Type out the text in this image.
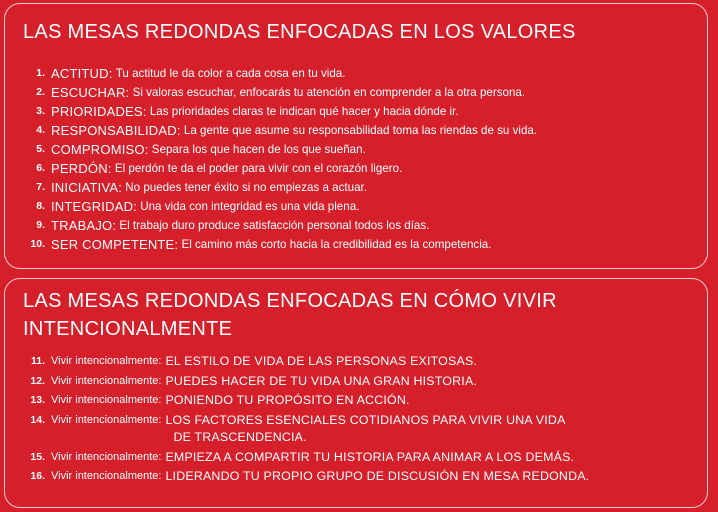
LAS MESAS REDONDAS ENFOCADAS EN LOS VALORES
1. ACTITUD:
Tu actitud le da color a cada cosa en tu vida.
2. ESCUCHAR:
Si valoras escuchar, enfocarás tu atención en comprender a la otra persona.
3. PRIORIDADES:
Las prioridades claras te indican qué hacer y hacia dónde ir.
4. RESPONSABILIDAD:
La gente que asume su responsabilidad toma las riendas de su vida.
5. COMPROMISO:
Separa los que hacen de los que sueñan.
6. PERDÓN:
El perdón te da el poder para vivir con el corazón ligero.
7. INICIATIVA:
No puedes tener éxito si no empiezas a actuar.
8. INTEGRIDAD:
Una vida con integridad es una vida plena.
9. TRABAJO:
El trabajo duro produce satisfacción personal todos los días.
10. SER COMPETENTE:
El camino más corto hacia la credibilidad es la competencia.
LAS MESAS REDONDAS ENFOCADAS EN CÓMO VIVIR
INTENCIONALMENTE
11. Vivir intencionalmente: EL ESTILO DE VIDA DE LAS PERSONAS EXITOSAS.
12. Vivir intencionalmente: PUEDES HACER DE TU VIDA UNA GRAN HISTORIA.
13. Vivir intencionalmente: PONIENDO TU PROPÓSITO EN ACCIÓN.
14. Vivir intencionalmente: LOS FACTORES ESENCIALES COTIDIANOS PARA VIVIR UNA VIDA
DE TRASCENDENCIA.
15. Vivir intencionalmente: EMPIEZA A COMPARTIR TU HISTORIA PARA ANIMAR A LOS DEMÁS.
16. Vivir intencionalmente: LIDERANDO TU PROPIO GRUPO DE DISCUSIÓN EN MESA REDONDA.
